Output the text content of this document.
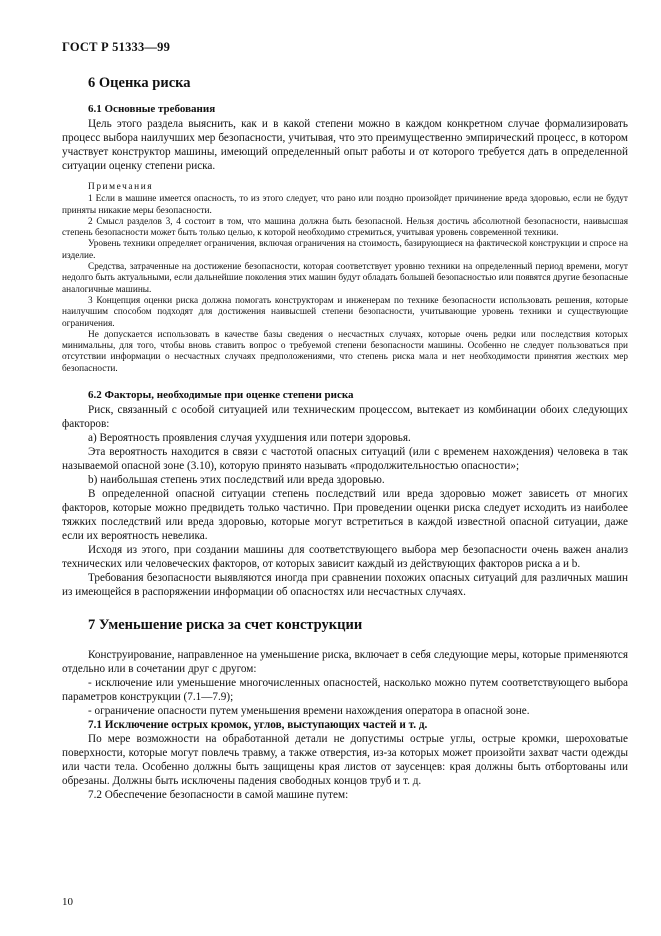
ГОСТ Р 51333—99
6 Оценка риска
6.1 Основные требования

Цель этого раздела выяснить, как и в какой степени можно в каждом конкретном случае формализировать процесс выбора наилучших мер безопасности, учитывая, что это преимущественно эмпирический процесс, в котором участвует конструктор машины, имеющий определенный опыт работы и от которого требуется дать в определенной ситуации оценку степени риска.

Примечания

1 Если в машине имеется опасность, то из этого следует, что рано или поздно произойдет причинение вреда здоровью, если не будут приняты никакие меры безопасности.

2 Смысл разделов 3, 4 состоит в том, что машина должна быть безопасной. Нельзя достичь абсолютной безопасности, наивысшая степень безопасности может быть только целью, к которой необходимо стремиться, учитывая уровень современной техники.

Уровень техники определяет ограничения, включая ограничения на стоимость, базирующиеся на фактической конструкции и спросе на изделие.

Средства, затраченные на достижение безопасности, которая соответствует уровню техники на определенный период времени, могут недолго быть актуальными, если дальнейшие поколения этих машин будут обладать большей безопасностью или появятся другие безопасные аналогичные машины.

3 Концепция оценки риска должна помогать конструкторам и инженерам по технике безопасности использовать решения, которые наилучшим способом подходят для достижения наивысшей степени безопасности, учитывающие уровень техники и существующие ограничения.

Не допускается использовать в качестве базы сведения о несчастных случаях, которые очень редки или последствия которых минимальны, для того, чтобы вновь ставить вопрос о требуемой степени безопасности машины. Особенно не следует пользоваться при отсутствии информации о несчастных случаях предположениями, что степень риска мала и нет необходимости принятия жестких мер безопасности.

6.2 Факторы, необходимые при оценке степени риска

Риск, связанный с особой ситуацией или техническим процессом, вытекает из комбинации обоих следующих факторов:

a) Вероятность проявления случая ухудшения или потери здоровья.

Эта вероятность находится в связи с частотой опасных ситуаций (или с временем нахождения) человека в так называемой опасной зоне (3.10), которую принято называть «продолжительностью опасности»;

b) наибольшая степень этих последствий или вреда здоровью.

В определенной опасной ситуации степень последствий или вреда здоровью может зависеть от многих факторов, которые можно предвидеть только частично. При проведении оценки риска следует исходить из наиболее тяжких последствий или вреда здоровью, которые могут встретиться в каждой известной опасной ситуации, даже если их вероятность невелика.

Исходя из этого, при создании машины для соответствующего выбора мер безопасности очень важен анализ технических или человеческих факторов, от которых зависит каждый из действующих факторов риска a и b.

Требования безопасности выявляются иногда при сравнении похожих опасных ситуаций для различных машин из имеющейся в распоряжении информации об опасностях или несчастных случаях.

7 Уменьшение риска за счет конструкции

Конструирование, направленное на уменьшение риска, включает в себя следующие меры, которые применяются отдельно или в сочетании друг с другом:

- исключение или уменьшение многочисленных опасностей, насколько можно путем соответствующего выбора параметров конструкции (7.1—7.9);

- ограничение опасности путем уменьшения времени нахождения оператора в опасной зоне.

7.1 Исключение острых кромок, углов, выступающих частей и т. д.

По мере возможности на обработанной детали не допустимы острые углы, острые кромки, шероховатые поверхности, которые могут повлечь травму, а также отверстия, из-за которых может произойти захват части одежды или части тела. Особенно должны быть защищены края листов от заусенцев: края должны быть отбортованы или обрезаны. Должны быть исключены падения свободных концов труб и т. д.

7.2 Обеспечение безопасности в самой машине путем:

10
